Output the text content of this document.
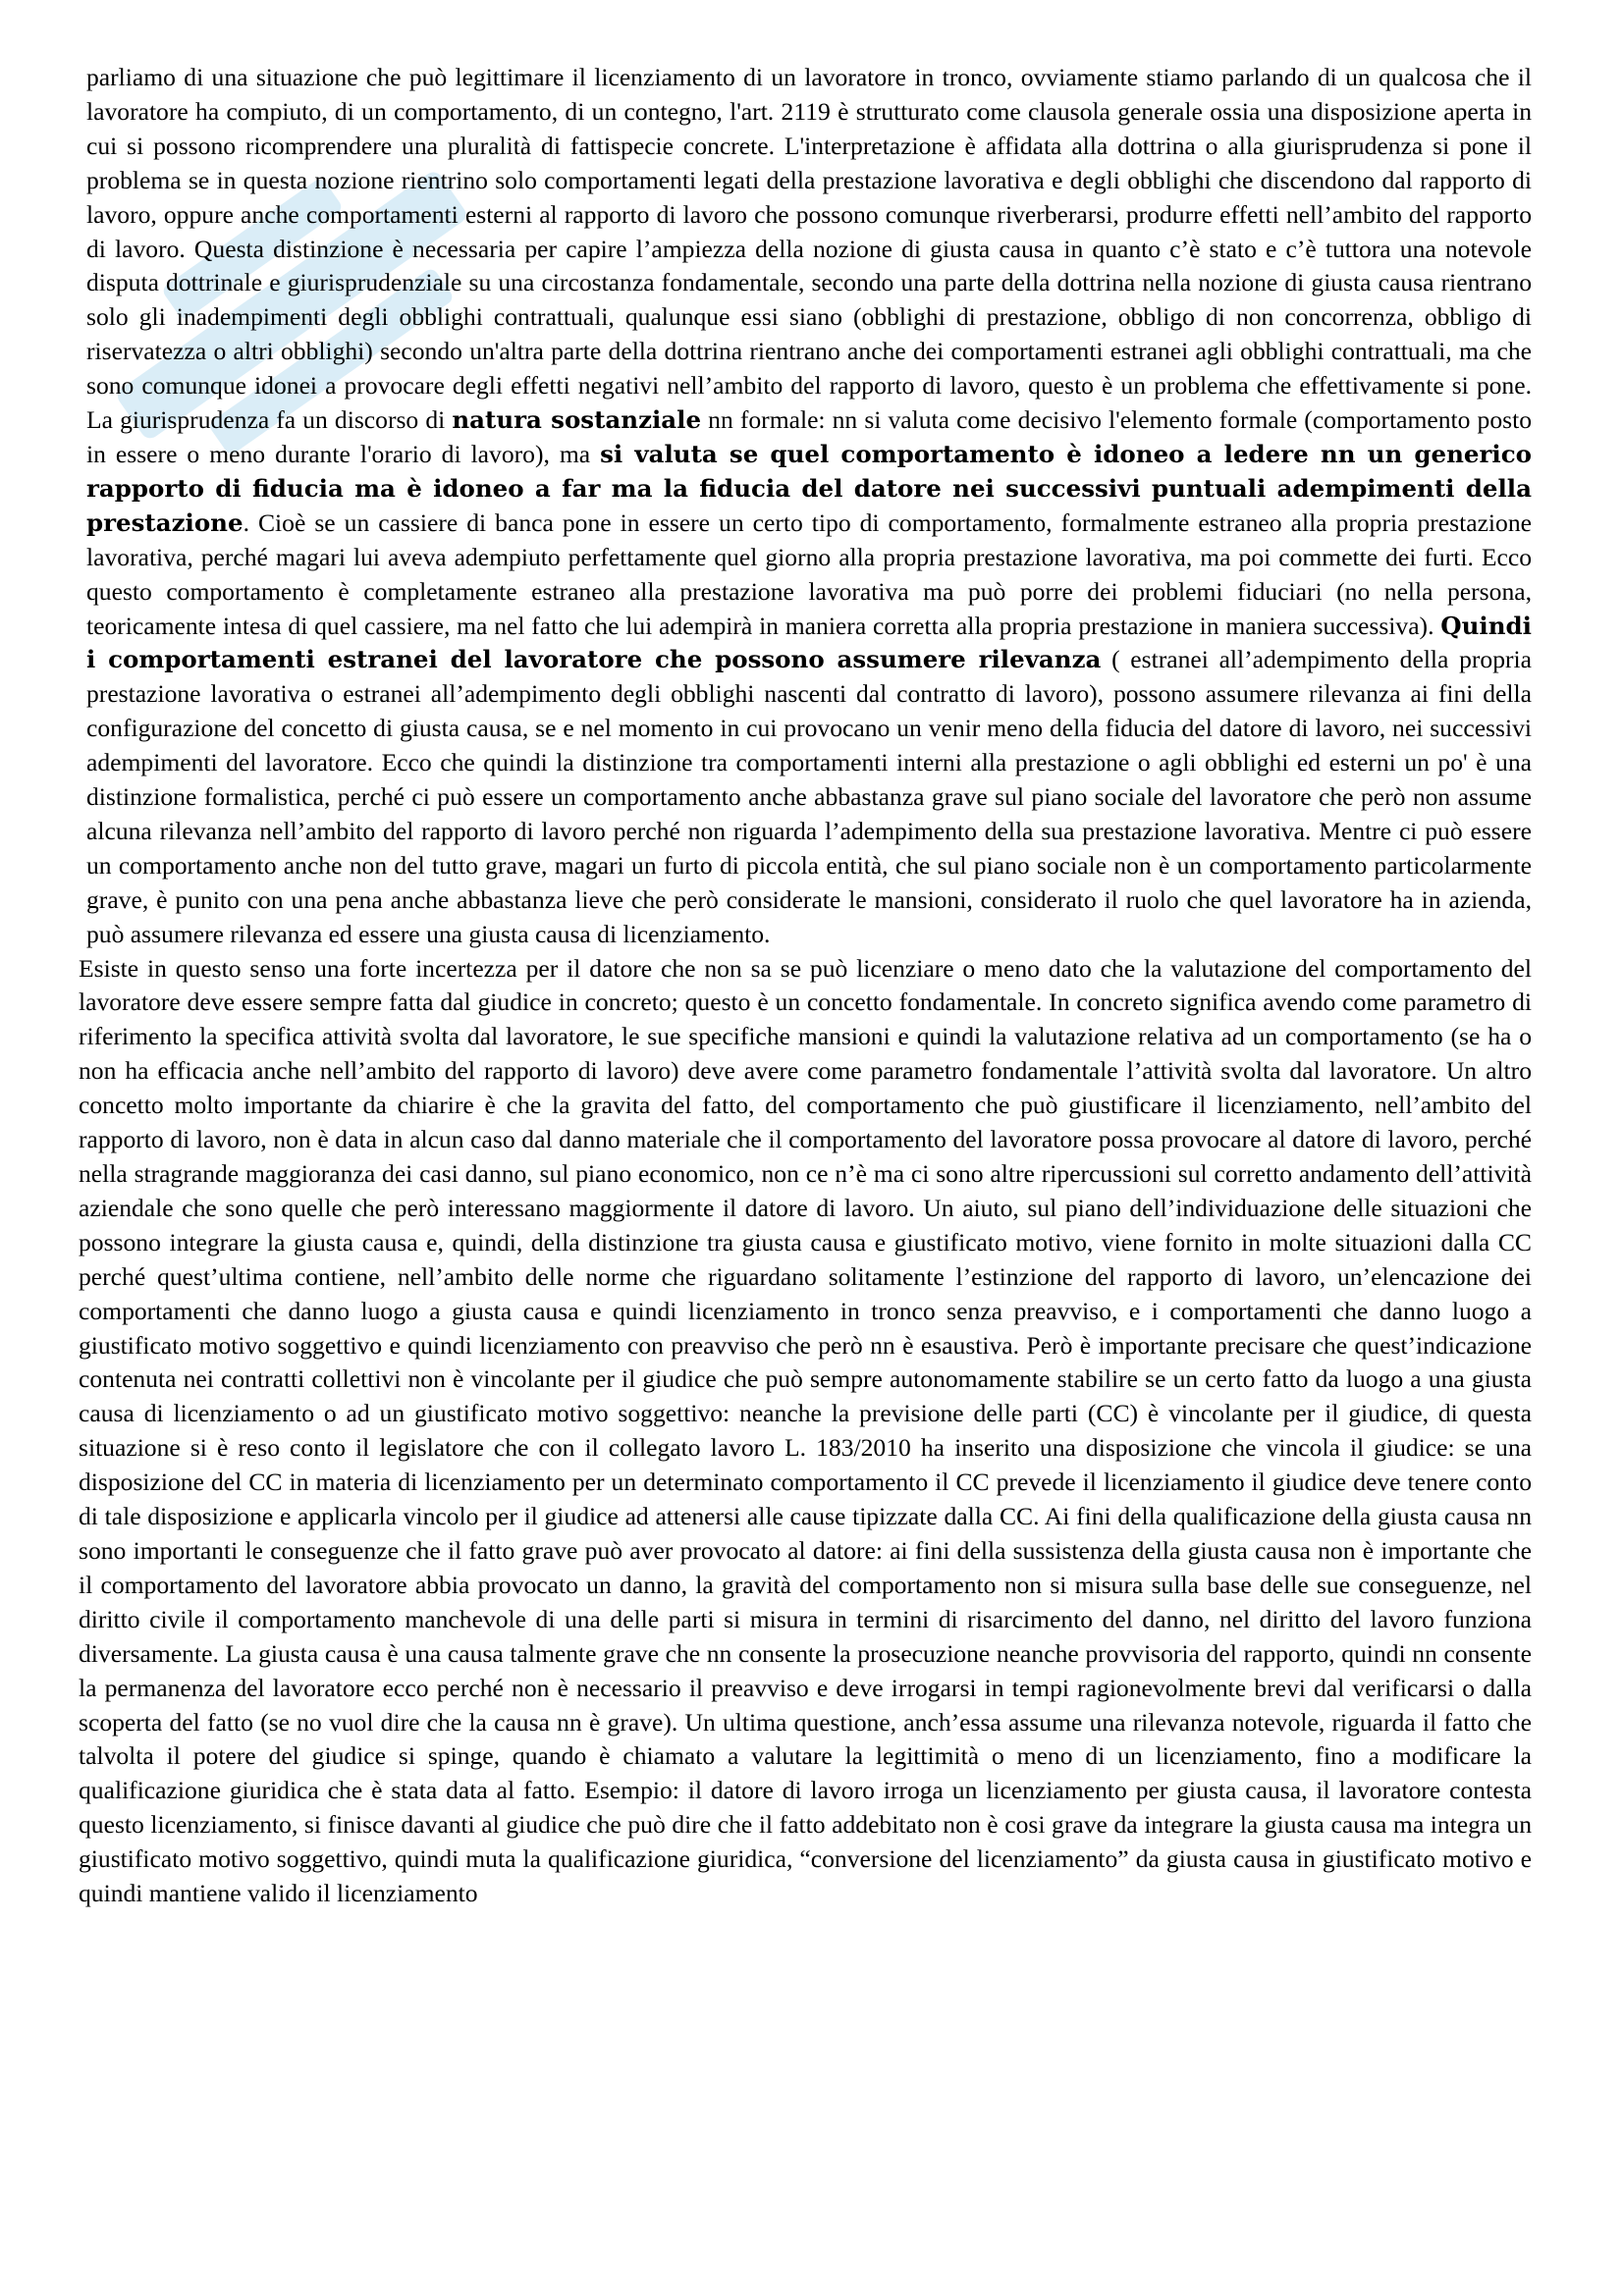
parliamo di una situazione che può legittimare il licenziamento di un lavoratore in tronco, ovviamente stiamo parlando di un qualcosa che il lavoratore ha compiuto, di un comportamento, di un contegno, l'art. 2119 è strutturato come clausola generale ossia una disposizione aperta in cui si possono ricomprendere una pluralità di fattispecie concrete. L'interpretazione è affidata alla dottrina o alla giurisprudenza si pone il problema se in questa nozione rientrino solo comportamenti legati della prestazione lavorativa e degli obblighi che discendono dal rapporto di lavoro, oppure anche comportamenti esterni al rapporto di lavoro che possono comunque riverberarsi, produrre effetti nell’ambito del rapporto di lavoro. Questa distinzione è necessaria per capire l’ampiezza della nozione di giusta causa in quanto c’è stato e c’è tuttora una notevole disputa dottrinale e giurisprudenziale su una circostanza fondamentale, secondo una parte della dottrina nella nozione di giusta causa rientrano solo gli inadempimenti degli obblighi contrattuali, qualunque essi siano (obblighi di prestazione, obbligo di non concorrenza, obbligo di riservatezza o altri obblighi) secondo un'altra parte della dottrina rientrano anche dei comportamenti estranei agli obblighi contrattuali, ma che sono comunque idonei a provocare degli effetti negativi nell’ambito del rapporto di lavoro, questo è un problema che effettivamente si pone. La giurisprudenza fa un discorso di natura sostanziale nn formale: nn si valuta come decisivo l'elemento formale (comportamento posto in essere o meno durante l'orario di lavoro), ma si valuta se quel comportamento è idoneo a ledere nn un generico rapporto di fiducia ma è idoneo a far ma la fiducia del datore nei successivi puntuali adempimenti della prestazione. Cioè se un cassiere di banca pone in essere un certo tipo di comportamento, formalmente estraneo alla propria prestazione lavorativa, perché magari lui aveva adempiuto perfettamente quel giorno alla propria prestazione lavorativa, ma poi commette dei furti. Ecco questo comportamento è completamente estraneo alla prestazione lavorativa ma può porre dei problemi fiduciari (no nella persona, teoricamente intesa di quel cassiere, ma nel fatto che lui adempirà in maniera corretta alla propria prestazione in maniera successiva). Quindi i comportamenti estranei del lavoratore che possono assumere rilevanza ( estranei all’adempimento della propria prestazione lavorativa o estranei all’adempimento degli obblighi nascenti dal contratto di lavoro), possono assumere rilevanza ai fini della configurazione del concetto di giusta causa, se e nel momento in cui provocano un venir meno della fiducia del datore di lavoro, nei successivi adempimenti del lavoratore. Ecco che quindi la distinzione tra comportamenti interni alla prestazione o agli obblighi ed esterni un po' è una distinzione formalistica, perché ci può essere un comportamento anche abbastanza grave sul piano sociale del lavoratore che però non assume alcuna rilevanza nell’ambito del rapporto di lavoro perché non riguarda l’adempimento della sua prestazione lavorativa. Mentre ci può essere un comportamento anche non del tutto grave, magari un furto di piccola entità, che sul piano sociale non è un comportamento particolarmente grave, è punito con una pena anche abbastanza lieve che però considerate le mansioni, considerato il ruolo che quel lavoratore ha in azienda, può assumere rilevanza ed essere una giusta causa di licenziamento.

Esiste in questo senso una forte incertezza per il datore che non sa se può licenziare o meno dato che la valutazione del comportamento del lavoratore deve essere sempre fatta dal giudice in concreto; questo è un concetto fondamentale. In concreto significa avendo come parametro di riferimento la specifica attività svolta dal lavoratore, le sue specifiche mansioni e quindi la valutazione relativa ad un comportamento (se ha o non ha efficacia anche nell’ambito del rapporto di lavoro) deve avere come parametro fondamentale l’attività svolta dal lavoratore. Un altro concetto molto importante da chiarire è che la gravita del fatto, del comportamento che può giustificare il licenziamento, nell’ambito del rapporto di lavoro, non è data in alcun caso dal danno materiale che il comportamento del lavoratore possa provocare al datore di lavoro, perché nella stragrande maggioranza dei casi danno, sul piano economico, non ce n’è ma ci sono altre ripercussioni sul corretto andamento dell’attività aziendale che sono quelle che però interessano maggiormente il datore di lavoro. Un aiuto, sul piano dell’individuazione delle situazioni che possono integrare la giusta causa e, quindi, della distinzione tra giusta causa e giustificato motivo, viene fornito in molte situazioni dalla CC perché quest’ultima contiene, nell’ambito delle norme che riguardano solitamente l’estinzione del rapporto di lavoro, un’elencazione dei comportamenti che danno luogo a giusta causa e quindi licenziamento in tronco senza preavviso, e i comportamenti che danno luogo a giustificato motivo soggettivo e quindi licenziamento con preavviso che però nn è esaustiva. Però è importante precisare che quest’indicazione contenuta nei contratti collettivi non è vincolante per il giudice che può sempre autonomamente stabilire se un certo fatto da luogo a una giusta causa di licenziamento o ad un giustificato motivo soggettivo: neanche la previsione delle parti (CC) è vincolante per il giudice, di questa situazione si è reso conto il legislatore che con il collegato lavoro L. 183/2010 ha inserito una disposizione che vincola il giudice: se una disposizione del CC in materia di licenziamento per un determinato comportamento il CC prevede il licenziamento il giudice deve tenere conto di tale disposizione e applicarla vincolo per il giudice ad attenersi alle cause tipizzate dalla CC. Ai fini della qualificazione della giusta causa nn sono importanti le conseguenze che il fatto grave può aver provocato al datore: ai fini della sussistenza della giusta causa non è importante che il comportamento del lavoratore abbia provocato un danno, la gravità del comportamento non si misura sulla base delle sue conseguenze, nel diritto civile il comportamento manchevole di una delle parti si misura in termini di risarcimento del danno, nel diritto del lavoro funziona diversamente. La giusta causa è una causa talmente grave che nn consente la prosecuzione neanche provvisoria del rapporto, quindi nn consente la permanenza del lavoratore ecco perché non è necessario il preavviso e deve irrogarsi in tempi ragionevolmente brevi dal verificarsi o dalla scoperta del fatto (se no vuol dire che la causa nn è grave). Un ultima questione, anch’essa assume una rilevanza notevole, riguarda il fatto che talvolta il potere del giudice si spinge, quando è chiamato a valutare la legittimità o meno di un licenziamento, fino a modificare la qualificazione giuridica che è stata data al fatto. Esempio: il datore di lavoro irroga un licenziamento per giusta causa, il lavoratore contesta questo licenziamento, si finisce davanti al giudice che può dire che il fatto addebitato non è cosi grave da integrare la giusta causa ma integra un giustificato motivo soggettivo, quindi muta la qualificazione giuridica, “conversione del licenziamento” da giusta causa in giustificato motivo e quindi mantiene valido il licenziamento
